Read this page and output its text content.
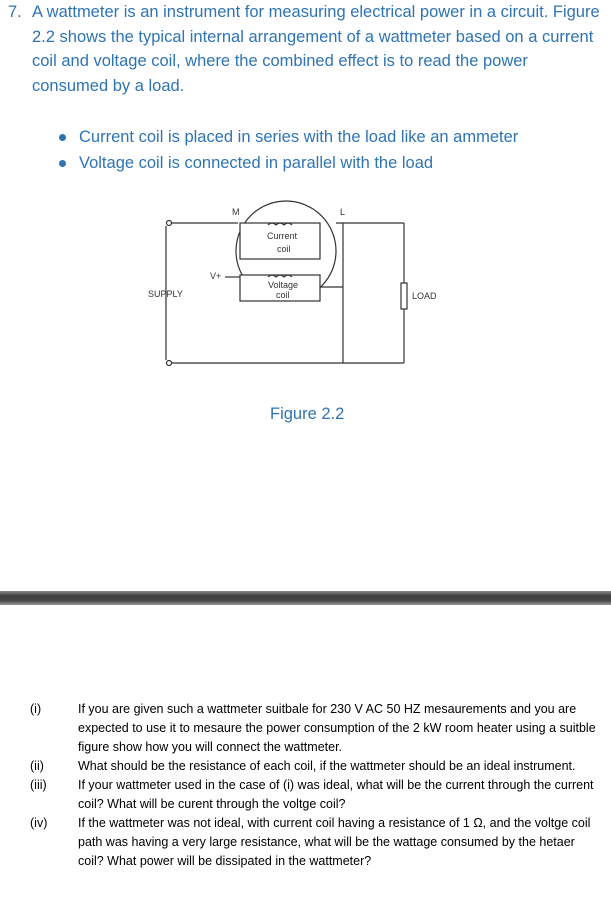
7. A wattmeter is an instrument for measuring electrical power in a circuit. Figure 2.2 shows the typical internal arrangement of a wattmeter based on a current coil and voltage coil, where the combined effect is to read the power consumed by a load.
Current coil is placed in series with the load like an ammeter
Voltage coil is connected in parallel with the load
M	L
V+
SUPPLY
Current
coil
Voltage
coil	LOAD
Figure 2.2
(i)	If you are given such a wattmeter suitbale for 230 V AC 50 HZ mesaurements and you are expected to use it to mesaure the power consumption of the 2 kW room heater using a suitble figure show how you will connect the wattmeter.
(ii)	What should be the resistance of each coil, if the wattmeter should be an ideal instrument.
(iii)	If your wattmeter used in the case of (i) was ideal, what will be the current through the current coil? What will be curent through the voltge coil?
(iv) If the wattmeter was not ideal, with current coil having a resistance of 1 Ω, and the voltge coil path was having a very large resistance, what will be the wattage consumed by the hetaer coil? What power will be dissipated in the wattmeter?
